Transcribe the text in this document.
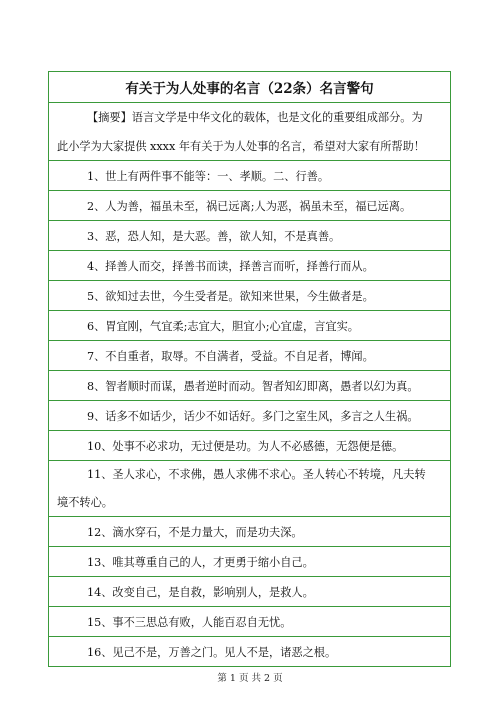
有关于为人处事的名言（22条）名言警句
【摘要】语言文学是中华文化的载体，也是文化的重要组成部分。为
此小学为大家提供 xxxx 年有关于为人处事的名言，希望对大家有所帮助！
1、世上有两件事不能等：一、孝顺。二、行善。
2、人为善，福虽未至，祸已远离;人为恶，祸虽未至，福已远离。
3、恶，恐人知，是大恶。善，欲人知，不是真善。
4、择善人而交，择善书而读，择善言而听，择善行而从。
5、欲知过去世，今生受者是。欲知来世果，今生做者是。
6、胃宜刚，气宜柔;志宜大，胆宜小;心宜虚，言宜实。
7、不自重者，取辱。不自满者，受益。不自足者，博闻。
8、智者顺时而谋，愚者逆时而动。智者知幻即离，愚者以幻为真。
9、话多不如话少，话少不如话好。多门之室生风，多言之人生祸。
10、处事不必求功，无过便是功。为人不必感德，无怨便是德。
11、圣人求心，不求佛，愚人求佛不求心。圣人转心不转境，凡夫转
境不转心。
12、滴水穿石，不是力量大，而是功夫深。
13、唯其尊重自己的人，才更勇于缩小自己。
14、改变自己，是自救，影响别人，是救人。
15、事不三思总有败，人能百忍自无忧。
16、见己不是，万善之门。见人不是，诸恶之根。
第 1 页 共 2 页
